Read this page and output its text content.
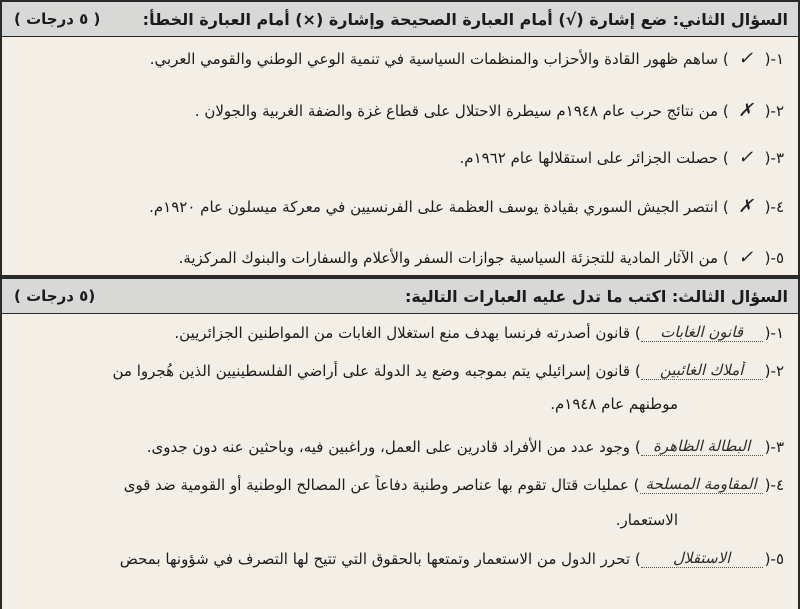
السؤال الثاني: ضع إشارة (√) أمام العبارة الصحيحة وإشارة (×) أمام العبارة الخطأ:
( ٥ درجات )
١-(
✓
)

ساهم ظهور القادة والأحزاب والمنظمات السياسية في تنمية الوعي الوطني والقومي العربي.
٢-(
✗
)

من نتائج حرب عام ١٩٤٨م سيطرة الاحتلال على قطاع غزة والضفة الغربية والجولان .
٣-(
✓
)

حصلت الجزائر على استقلالها عام ١٩٦٢م.
٤-(
✗
)

انتصر الجيش السوري بقيادة يوسف العظمة على الفرنسيين في معركة ميسلون عام ١٩٢٠م.
٥-(
✓
)

من الآثار المادية للتجزئة السياسية جوازات السفر والأعلام والسفارات والبنوك المركزية.
السؤال الثالث: اكتب ما تدل عليه العبارات التالية:
(٥ درجات )
١-(
قانون الغابات
)

قانون أصدرته فرنسا بهدف منع استغلال الغابات من المواطنين الجزائريين.
٢-(
أملاك الغائبين
)

قانون إسرائيلي يتم بموجبه وضع يد الدولة على أراضي الفلسطينيين الذين هُجروا من
موطنهم عام ١٩٤٨م.
٣-(
البطالة الظاهرة
)

وجود عدد من الأفراد قادرين على العمل، وراغبين فيه، وباحثين عنه دون جدوى.
٤-(
المقاومة المسلحة
)

عمليات قتال تقوم بها عناصر وطنية دفاعاً عن المصالح الوطنية أو القومية ضد قوى
الاستعمار.
٥-(
الاستقلال
)

تحرر الدول من الاستعمار وتمتعها بالحقوق التي تتيح لها التصرف في شؤونها بمحض
